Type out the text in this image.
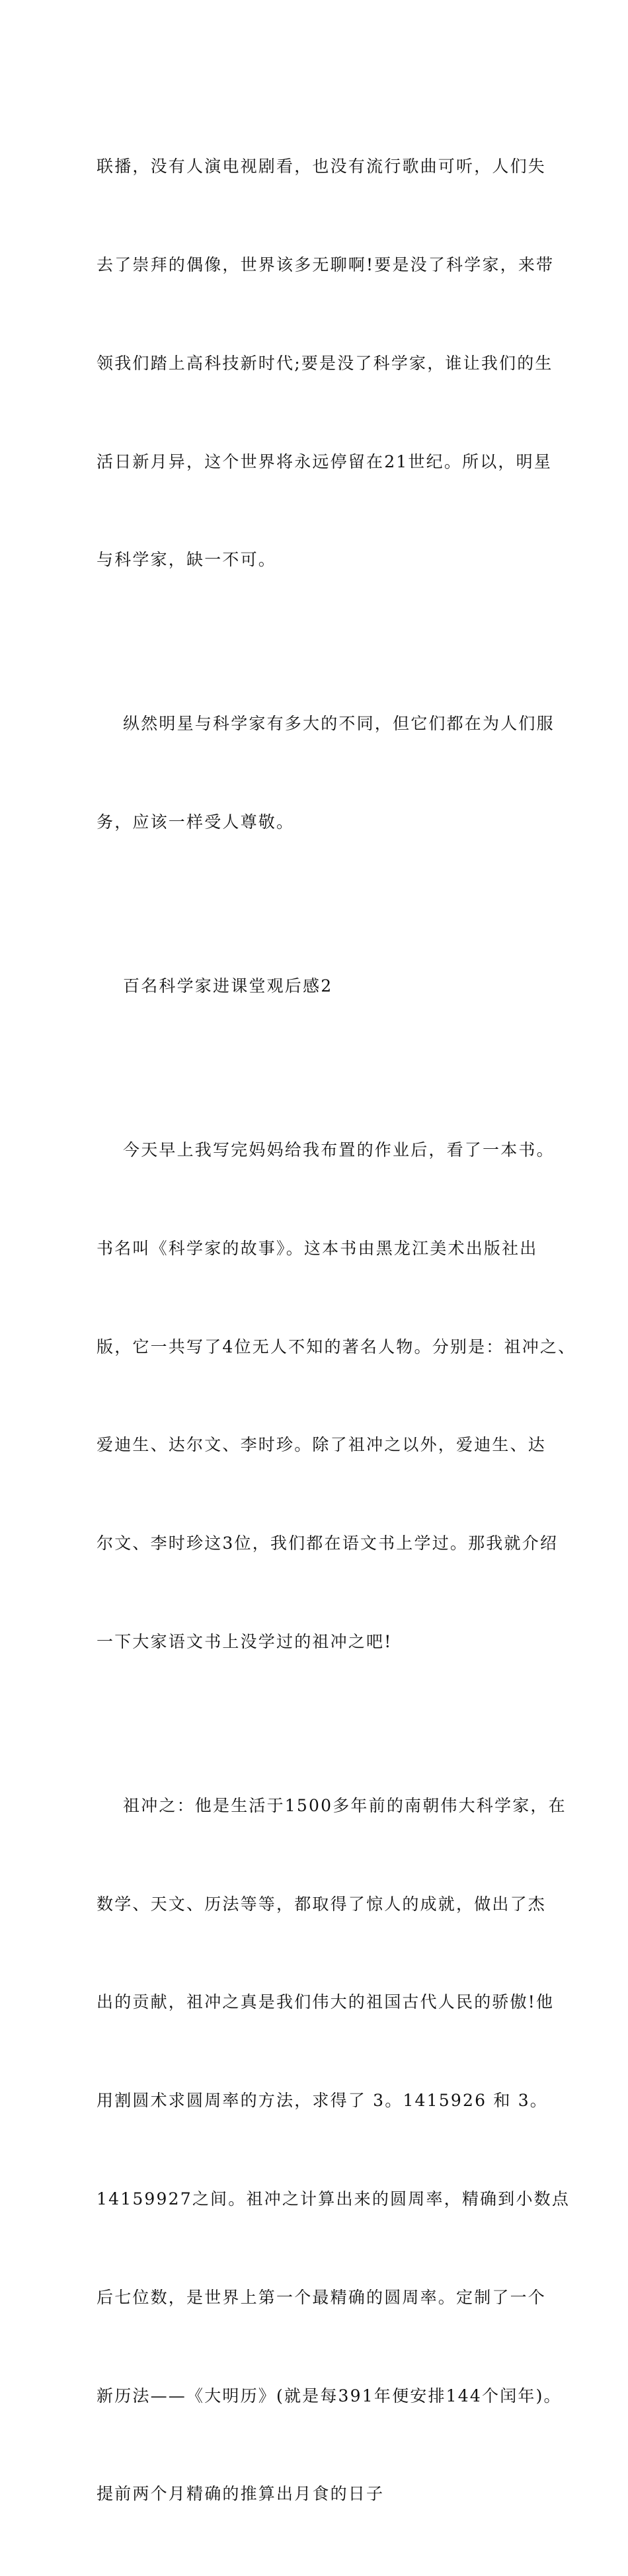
联播，没有人演电视剧看，也没有流行歌曲可听，人们失

去了崇拜的偶像，世界该多无聊啊!要是没了科学家，来带

领我们踏上高科技新时代;要是没了科学家，谁让我们的生

活日新月异，这个世界将永远停留在21世纪。所以，明星

与科学家，缺一不可。

纵然明星与科学家有多大的不同，但它们都在为人们服

务，应该一样受人尊敬。

百名科学家进课堂观后感2

今天早上我写完妈妈给我布置的作业后，看了一本书。

书名叫《科学家的故事》。这本书由黑龙江美术出版社出

版，它一共写了4位无人不知的著名人物。分别是：祖冲之、

爱迪生、达尔文、李时珍。除了祖冲之以外，爱迪生、达

尔文、李时珍这3位，我们都在语文书上学过。那我就介绍

一下大家语文书上没学过的祖冲之吧!

祖冲之：他是生活于1500多年前的南朝伟大科学家，在

数学、天文、历法等等，都取得了惊人的成就，做出了杰

出的贡献，祖冲之真是我们伟大的祖国古代人民的骄傲!他

用割圆术求圆周率的方法，求得了 3。1415926 和 3。

14159927之间。祖冲之计算出来的圆周率，精确到小数点

后七位数，是世界上第一个最精确的圆周率。定制了一个

新历法——《大明历》(就是每391年便安排144个闰年)。

提前两个月精确的推算出月食的日子
